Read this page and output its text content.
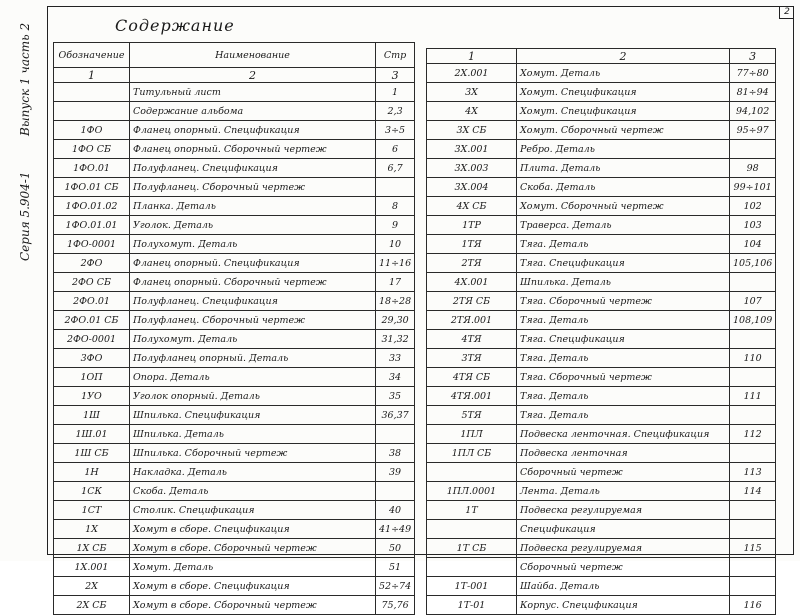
Серия 5.904-1
Выпуск 1 часть 2
2
Содержание
Обозначение	Наименование	Стр
1	2	3
	Титульный лист	1
	Содержание альбома	2,3
1ФО	Фланец опорный. Спецификация	3÷5
1ФО СБ	Фланец опорный. Сборочный чертеж	6
1ФО.01	Полуфланец. Спецификация	6,7
1ФО.01 СБ	Полуфланец. Сборочный чертеж	
1ФО.01.02	Планка. Деталь	8
1ФО.01.01	Уголок. Деталь	9
1ФО-0001	Полухомут. Деталь	10
2ФО	Фланец опорный. Спецификация	11÷16
2ФО СБ	Фланец опорный. Сборочный чертеж	17
2ФО.01	Полуфланец. Спецификация	18÷28
2ФО.01 СБ	Полуфланец. Сборочный чертеж	29,30
2ФО-0001	Полухомут. Деталь	31,32
3ФО	Полуфланец опорный. Деталь	33
1ОП	Опора. Деталь	34
1УО	Уголок опорный. Деталь	35
1Ш	Шпилька. Спецификация	36,37
1Ш.01	Шпилька. Деталь	
1Ш СБ	Шпилька. Сборочный чертеж	38
1Н	Накладка. Деталь	39
1СК	Скоба. Деталь	
1СТ	Столик. Спецификация	40
1Х	Хомут в сборе. Спецификация	41÷49
1Х СБ	Хомут в сборе. Сборочный чертеж	50
1Х.001	Хомут. Деталь	51
2Х	Хомут в сборе. Спецификация	52÷74
2Х СБ	Хомут в сборе. Сборочный чертеж	75,76
1	2	3
2Х.001	Хомут. Деталь	77÷80
3Х	Хомут. Спецификация	81÷94
4Х	Хомут. Спецификация	94,102
3Х СБ	Хомут. Сборочный чертеж	95÷97
3Х.001	Ребро. Деталь	
3Х.003	Плита. Деталь	98
3Х.004	Скоба. Деталь	99÷101
4Х СБ	Хомут. Сборочный чертеж	102
1ТР	Траверса. Деталь	103
1ТЯ	Тяга. Деталь	104
2ТЯ	Тяга. Спецификация	105,106
4Х.001	Шпилька. Деталь	
2ТЯ СБ	Тяга. Сборочный чертеж	107
2ТЯ.001	Тяга. Деталь	108,109
4ТЯ	Тяга. Спецификация	
3ТЯ	Тяга. Деталь	110
4ТЯ СБ	Тяга. Сборочный чертеж	
4ТЯ.001	Тяга. Деталь	111
5ТЯ	Тяга. Деталь	
1ПЛ	Подвеска ленточная. Спецификация	112
1ПЛ СБ	Подвеска ленточная	
	Сборочный чертеж	113
1ПЛ.0001	Лента. Деталь	114
1Т	Подвеска регулируемая	
	Спецификация	
1Т СБ	Подвеска регулируемая	115
	Сборочный чертеж	
1Т-001	Шайба. Деталь	
1Т-01	Корпус. Спецификация	116
